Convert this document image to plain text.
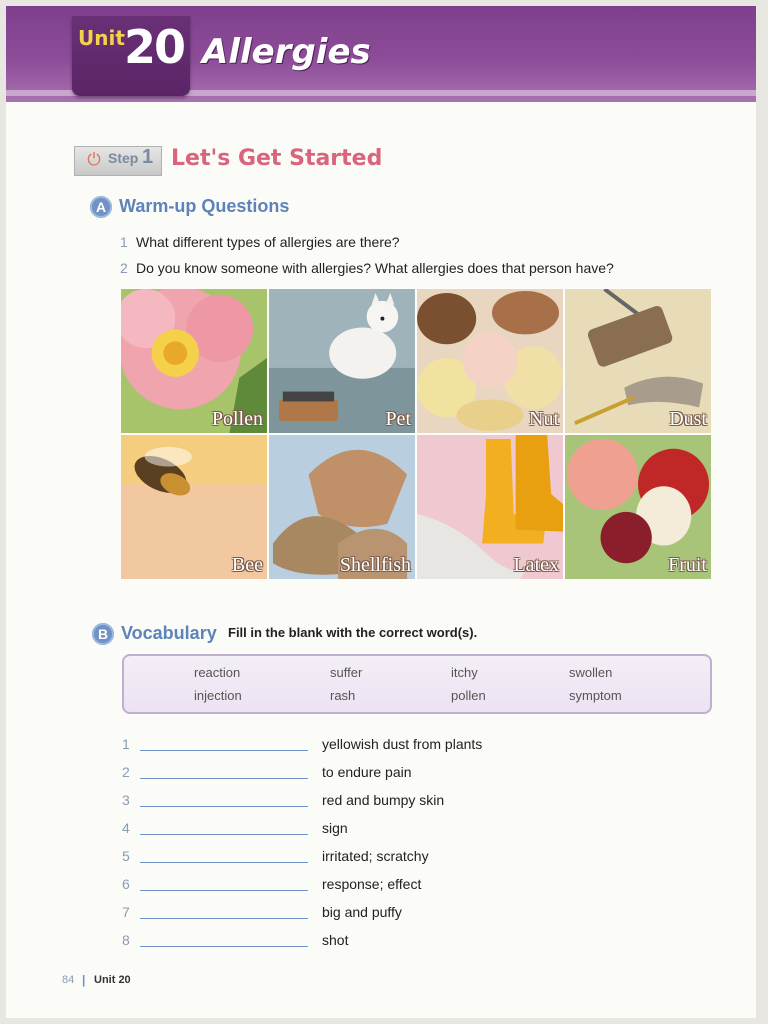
Unit 20 Allergies
⏻ Step 1 Let's Get Started
A Warm-up Questions
1 What different types of allergies are there?
2 Do you know someone with allergies? What allergies does that person have?
Pollen	Pet	Nut	Dust
Bee	Shellfish	Latex	Fruit
B Vocabulary Fill in the blank with the correct word(s).
reaction	suffer	itchy	swollen
injection	rash	pollen	symptom
1	yellowish dust from plants
2	to endure pain
3	red and bumpy skin
4	sign
5	irritated; scratchy
6	response; effect
7	big and puffy
8	shot
84 | Unit 20
